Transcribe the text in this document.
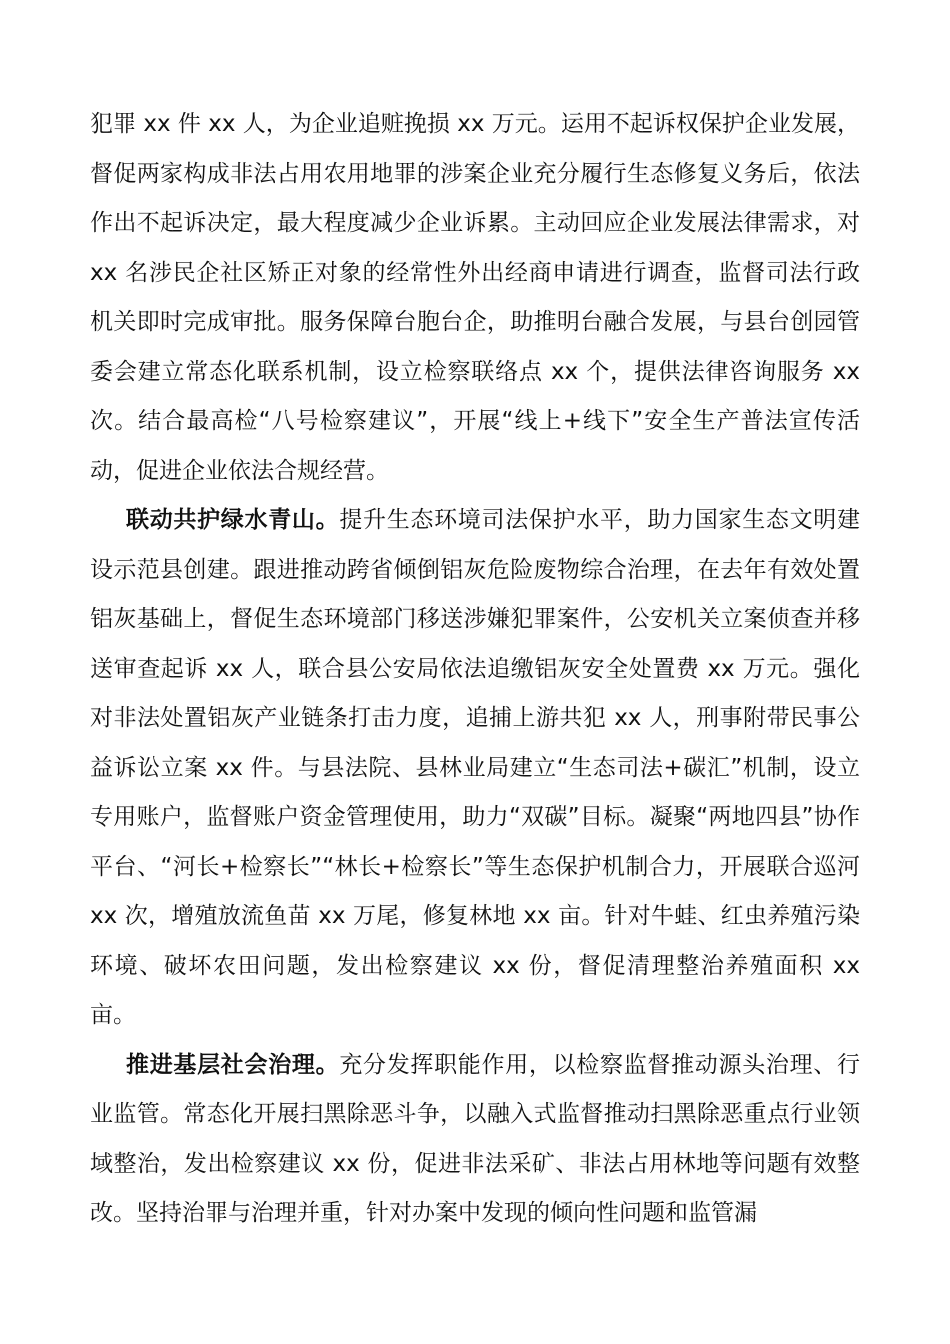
犯罪 xx 件 xx 人，为企业追赃挽损 xx 万元。运用不起诉权保护企业发展，督促两家构成非法占用农用地罪的涉案企业充分履行生态修复义务后，依法作出不起诉决定，最大程度减少企业诉累。主动回应企业发展法律需求，对 xx 名涉民企社区矫正对象的经常性外出经商申请进行调查，监督司法行政机关即时完成审批。服务保障台胞台企，助推明台融合发展，与县台创园管委会建立常态化联系机制，设立检察联络点 xx 个，提供法律咨询服务 xx 次。结合最高检“八号检察建议”，开展“线上+线下”安全生产普法宣传活动，促进企业依法合规经营。

联动共护绿水青山。提升生态环境司法保护水平，助力国家生态文明建设示范县创建。跟进推动跨省倾倒铝灰危险废物综合治理，在去年有效处置铝灰基础上，督促生态环境部门移送涉嫌犯罪案件，公安机关立案侦查并移送审查起诉 xx 人，联合县公安局依法追缴铝灰安全处置费 xx 万元。强化对非法处置铝灰产业链条打击力度，追捕上游共犯 xx 人，刑事附带民事公益诉讼立案 xx 件。与县法院、县林业局建立“生态司法+碳汇”机制，设立专用账户，监督账户资金管理使用，助力“双碳”目标。凝聚“两地四县”协作平台、“河长+检察长”“林长+检察长”等生态保护机制合力，开展联合巡河 xx 次，增殖放流鱼苗 xx 万尾，修复林地 xx 亩。针对牛蛙、红虫养殖污染环境、破坏农田问题，发出检察建议 xx 份，督促清理整治养殖面积 xx 亩。

推进基层社会治理。充分发挥职能作用，以检察监督推动源头治理、行业监管。常态化开展扫黑除恶斗争，以融入式监督推动扫黑除恶重点行业领域整治，发出检察建议 xx 份，促进非法采矿、非法占用林地等问题有效整改。坚持治罪与治理并重，针对办案中发现的倾向性问题和监管漏
